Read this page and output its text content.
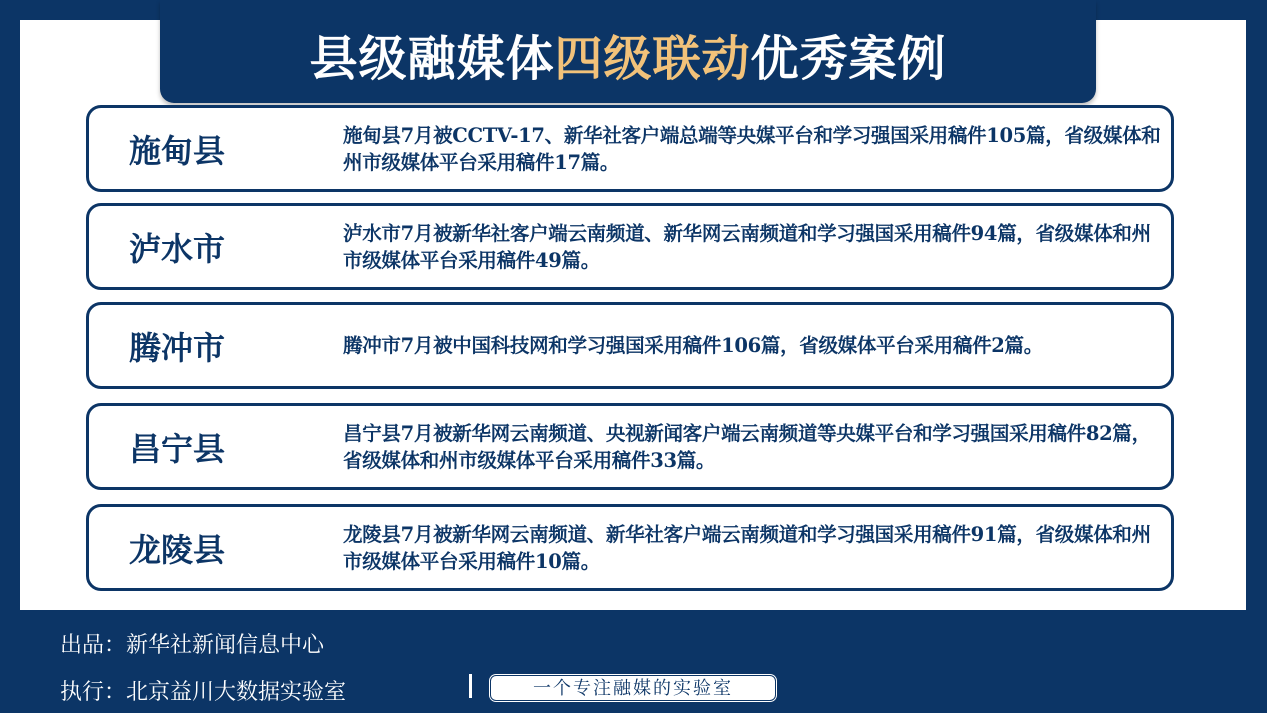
县级融媒体四级联动优秀案例
施甸县	施甸县7月被CCTV-17、新华社客户端总端等央媒平台和学习强国采用稿件105篇，省级媒体和州市级媒体平台采用稿件17篇。

泸水市	泸水市7月被新华社客户端云南频道、新华网云南频道和学习强国采用稿件94篇，省级媒体和州市级媒体平台采用稿件49篇。

腾冲市	腾冲市7月被中国科技网和学习强国采用稿件106篇，省级媒体平台采用稿件2篇。

昌宁县	昌宁县7月被新华网云南频道、央视新闻客户端云南频道等央媒平台和学习强国采用稿件82篇，省级媒体和州市级媒体平台采用稿件33篇。

龙陵县	龙陵县7月被新华网云南频道、新华社客户端云南频道和学习强国采用稿件91篇，省级媒体和州市级媒体平台采用稿件10篇。

出品：新华社新闻信息中心
执行：北京益川大数据实验室	一个专注融媒的实验室
